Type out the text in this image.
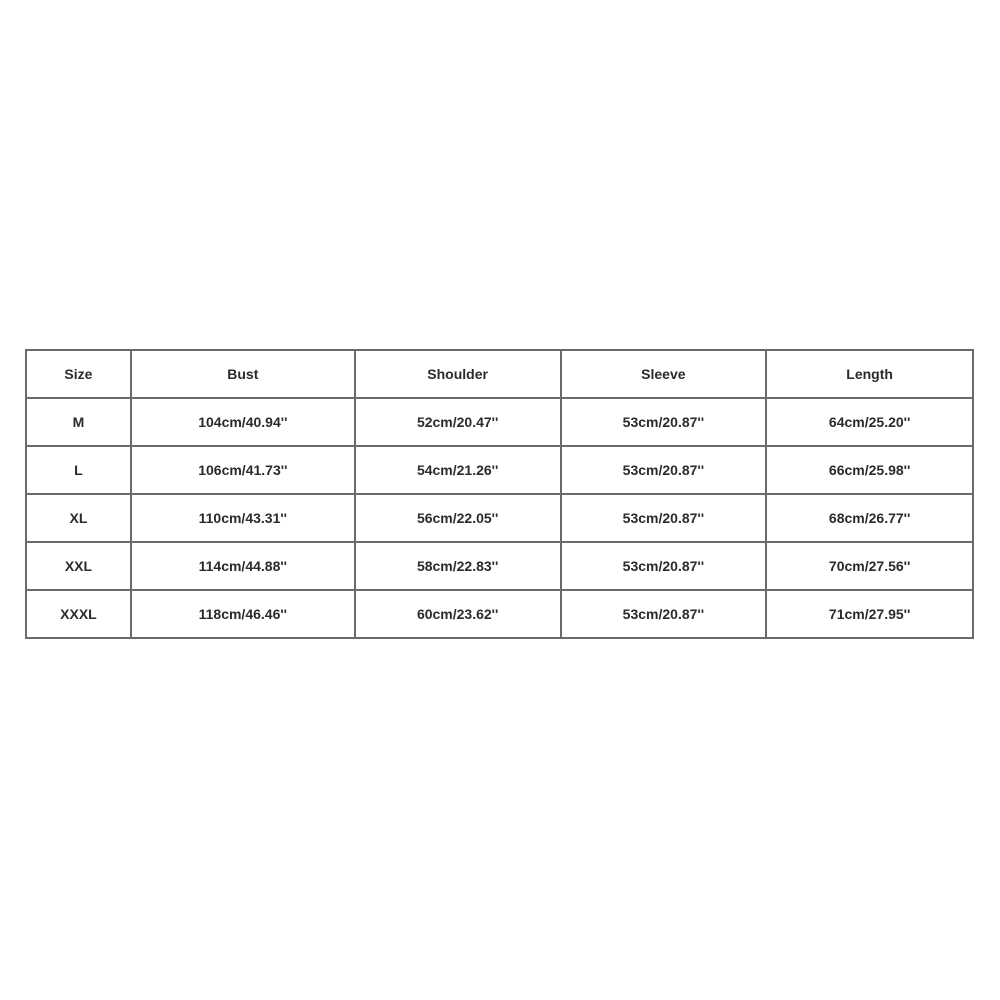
Size	Bust	Shoulder	Sleeve	Length
M	104cm/40.94''	52cm/20.47''	53cm/20.87''	64cm/25.20''
L	106cm/41.73''	54cm/21.26''	53cm/20.87''	66cm/25.98''
XL	110cm/43.31''	56cm/22.05''	53cm/20.87''	68cm/26.77''
XXL	114cm/44.88''	58cm/22.83''	53cm/20.87''	70cm/27.56''
XXXL	118cm/46.46''	60cm/23.62''	53cm/20.87''	71cm/27.95''
